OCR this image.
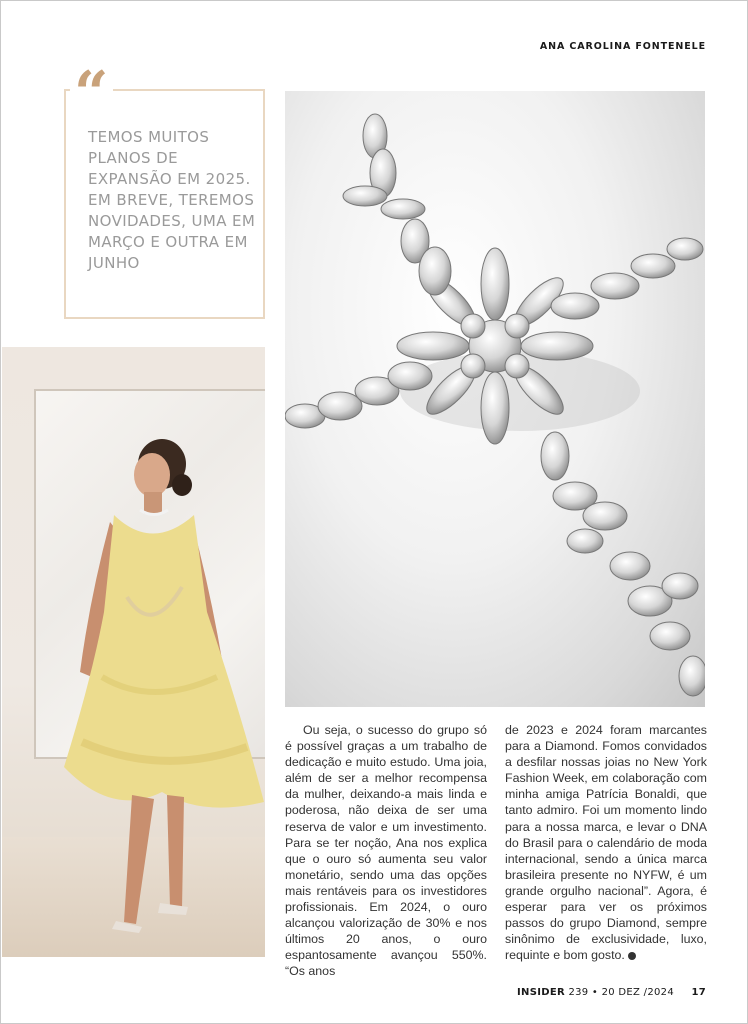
ANA CAROLINA FONTENELE
“
TEMOS MUITOS PLANOS DE EXPANSÃO EM 2025. EM BREVE, TEREMOS NOVIDADES, UMA EM MARÇO E OUTRA EM JUNHO
Ou seja, o sucesso do grupo só é possível graças a um trabalho de dedicação e muito estudo. Uma joia, além de ser a melhor recompensa da mulher, deixando-a mais linda e poderosa, não deixa de ser uma reserva de valor e um investimento. Para se ter noção, Ana nos explica que o ouro só aumenta seu valor monetário, sendo uma das opções mais rentáveis para os investidores profissionais. Em 2024, o ouro alcançou valorização de 30% e nos últimos 20 anos, o ouro espantosamente avançou 550%. “Os anos
de 2023 e 2024 foram marcantes para a Diamond. Fomos convidados a desfilar nossas joias no New York Fashion Week, em colaboração com minha amiga Patrícia Bonaldi, que tanto admiro. Foi um momento lindo para a nossa marca, e levar o DNA do Brasil para o calendário de moda internacional, sendo a única marca brasileira presente no NYFW, é um grande orgulho nacional”. Agora, é esperar para ver os próximos passos do grupo Diamond, sempre sinônimo de exclusividade, luxo, requinte e bom gosto.
INSIDER 239 • 20 DEZ /2024 17
